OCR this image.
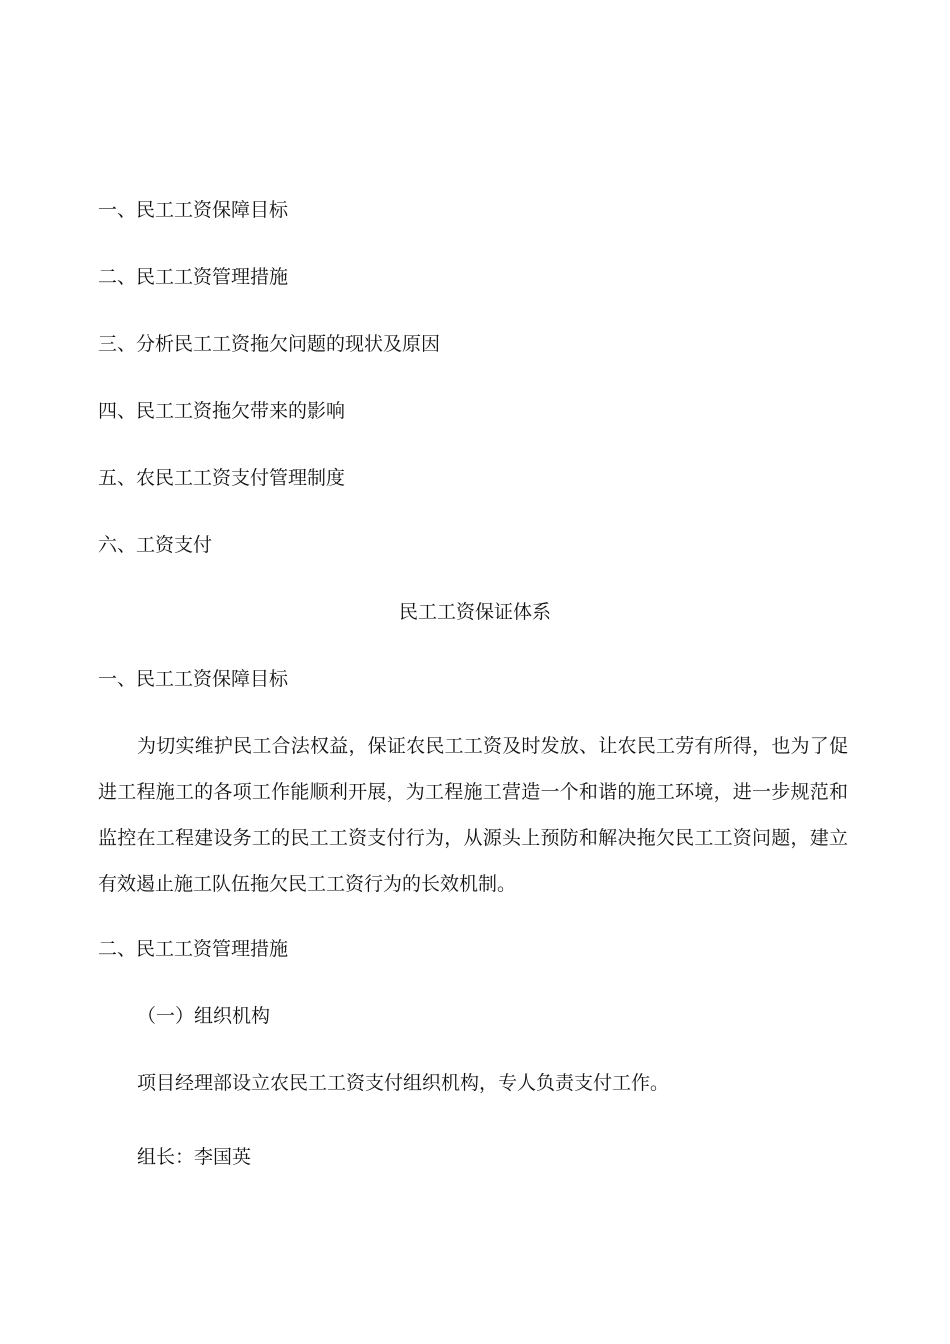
一、民工工资保障目标
二、民工工资管理措施
三、分析民工工资拖欠问题的现状及原因
四、民工工资拖欠带来的影响
五、农民工工资支付管理制度
六、工资支付
民工工资保证体系
一、民工工资保障目标
为切实维护民工合法权益，保证农民工工资及时发放、让农民工劳有所得，也为了促进工程施工的各项工作能顺利开展，为工程施工营造一个和谐的施工环境，进一步规范和监控在工程建设务工的民工工资支付行为，从源头上预防和解决拖欠民工工资问题，建立有效遏止施工队伍拖欠民工工资行为的长效机制。
二、民工工资管理措施
（一）组织机构
项目经理部设立农民工工资支付组织机构，专人负责支付工作。
组长：李国英
